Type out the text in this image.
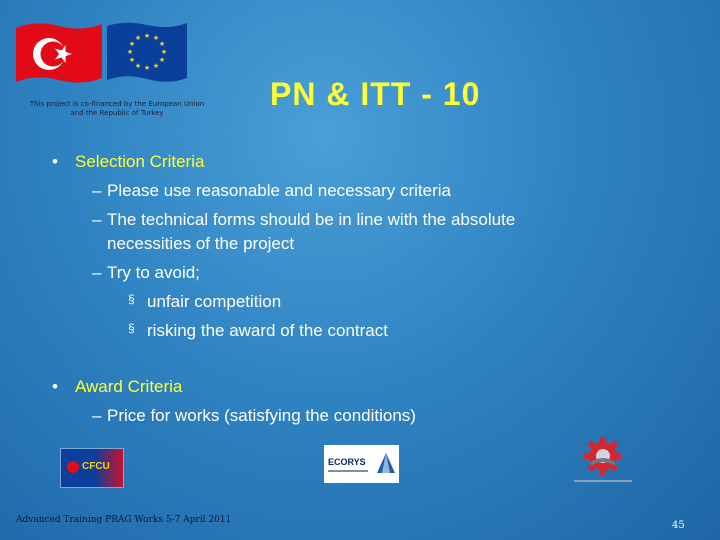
★ ★
★
★
★
★
★
★
★
★
★
★
This project is co-financed by the European Union
and the Republic of Turkey
PN & ITT - 10
• Selection Criteria
– Please use reasonable and necessary criteria
– The technical forms should be in line with the absolute
necessities of the project
– Try to avoid;
§ unfair competition
§ risking the award of the contract
• Award Criteria
– Price for works (satisfying the conditions)
CFCU	ECORYS
Advanced Training PRAG Works 5-7 April 2011	45
